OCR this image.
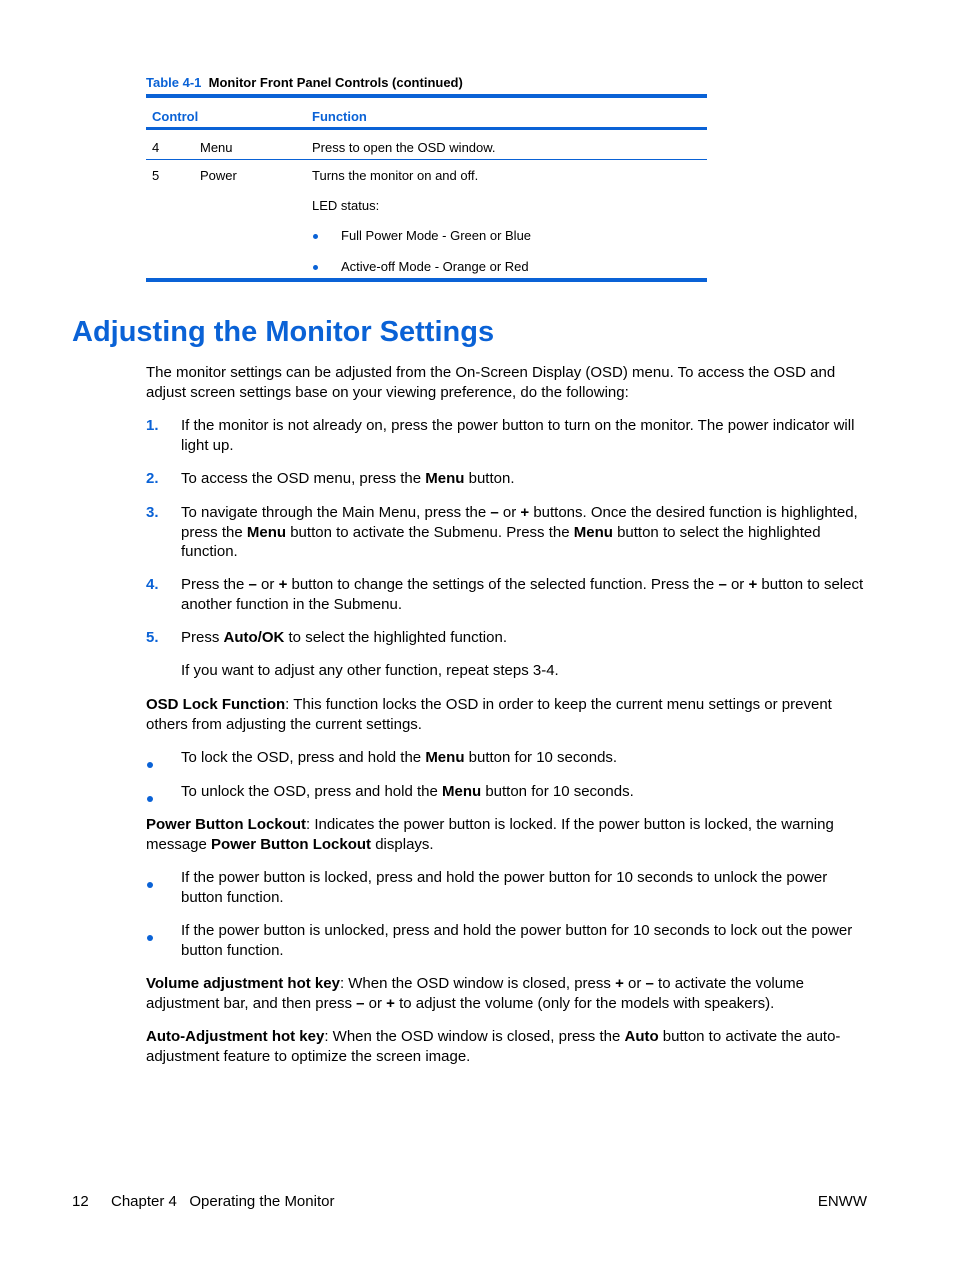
Table 4-1 Monitor Front Panel Controls (continued)
Control	Function
4	Menu	Press to open the OSD window.
5	Power	Turns the monitor on and off.
LED status:
Full Power Mode - Green or Blue
Active-off Mode - Orange or Red
Adjusting the Monitor Settings
The monitor settings can be adjusted from the On-Screen Display (OSD) menu. To access the OSD and adjust screen settings base on your viewing preference, do the following:
1. If the monitor is not already on, press the power button to turn on the monitor. The power indicator will light up.
2. To access the OSD menu, press the Menu button.
3. To navigate through the Main Menu, press the – or + buttons. Once the desired function is highlighted, press the Menu button to activate the Submenu. Press the Menu button to select the highlighted function.
4. Press the – or + button to change the settings of the selected function. Press the – or + button to select another function in the Submenu.
5. Press Auto/OK to select the highlighted function.
If you want to adjust any other function, repeat steps 3-4.
OSD Lock Function: This function locks the OSD in order to keep the current menu settings or prevent others from adjusting the current settings.
To lock the OSD, press and hold the Menu button for 10 seconds.
To unlock the OSD, press and hold the Menu button for 10 seconds.
Power Button Lockout: Indicates the power button is locked. If the power button is locked, the warning message Power Button Lockout displays.
If the power button is locked, press and hold the power button for 10 seconds to unlock the power button function.
If the power button is unlocked, press and hold the power button for 10 seconds to lock out the power button function.
Volume adjustment hot key: When the OSD window is closed, press + or – to activate the volume adjustment bar, and then press – or + to adjust the volume (only for the models with speakers).
Auto-Adjustment hot key: When the OSD window is closed, press the Auto button to activate the auto-adjustment feature to optimize the screen image.
12 Chapter 4   Operating the Monitor	ENWW
